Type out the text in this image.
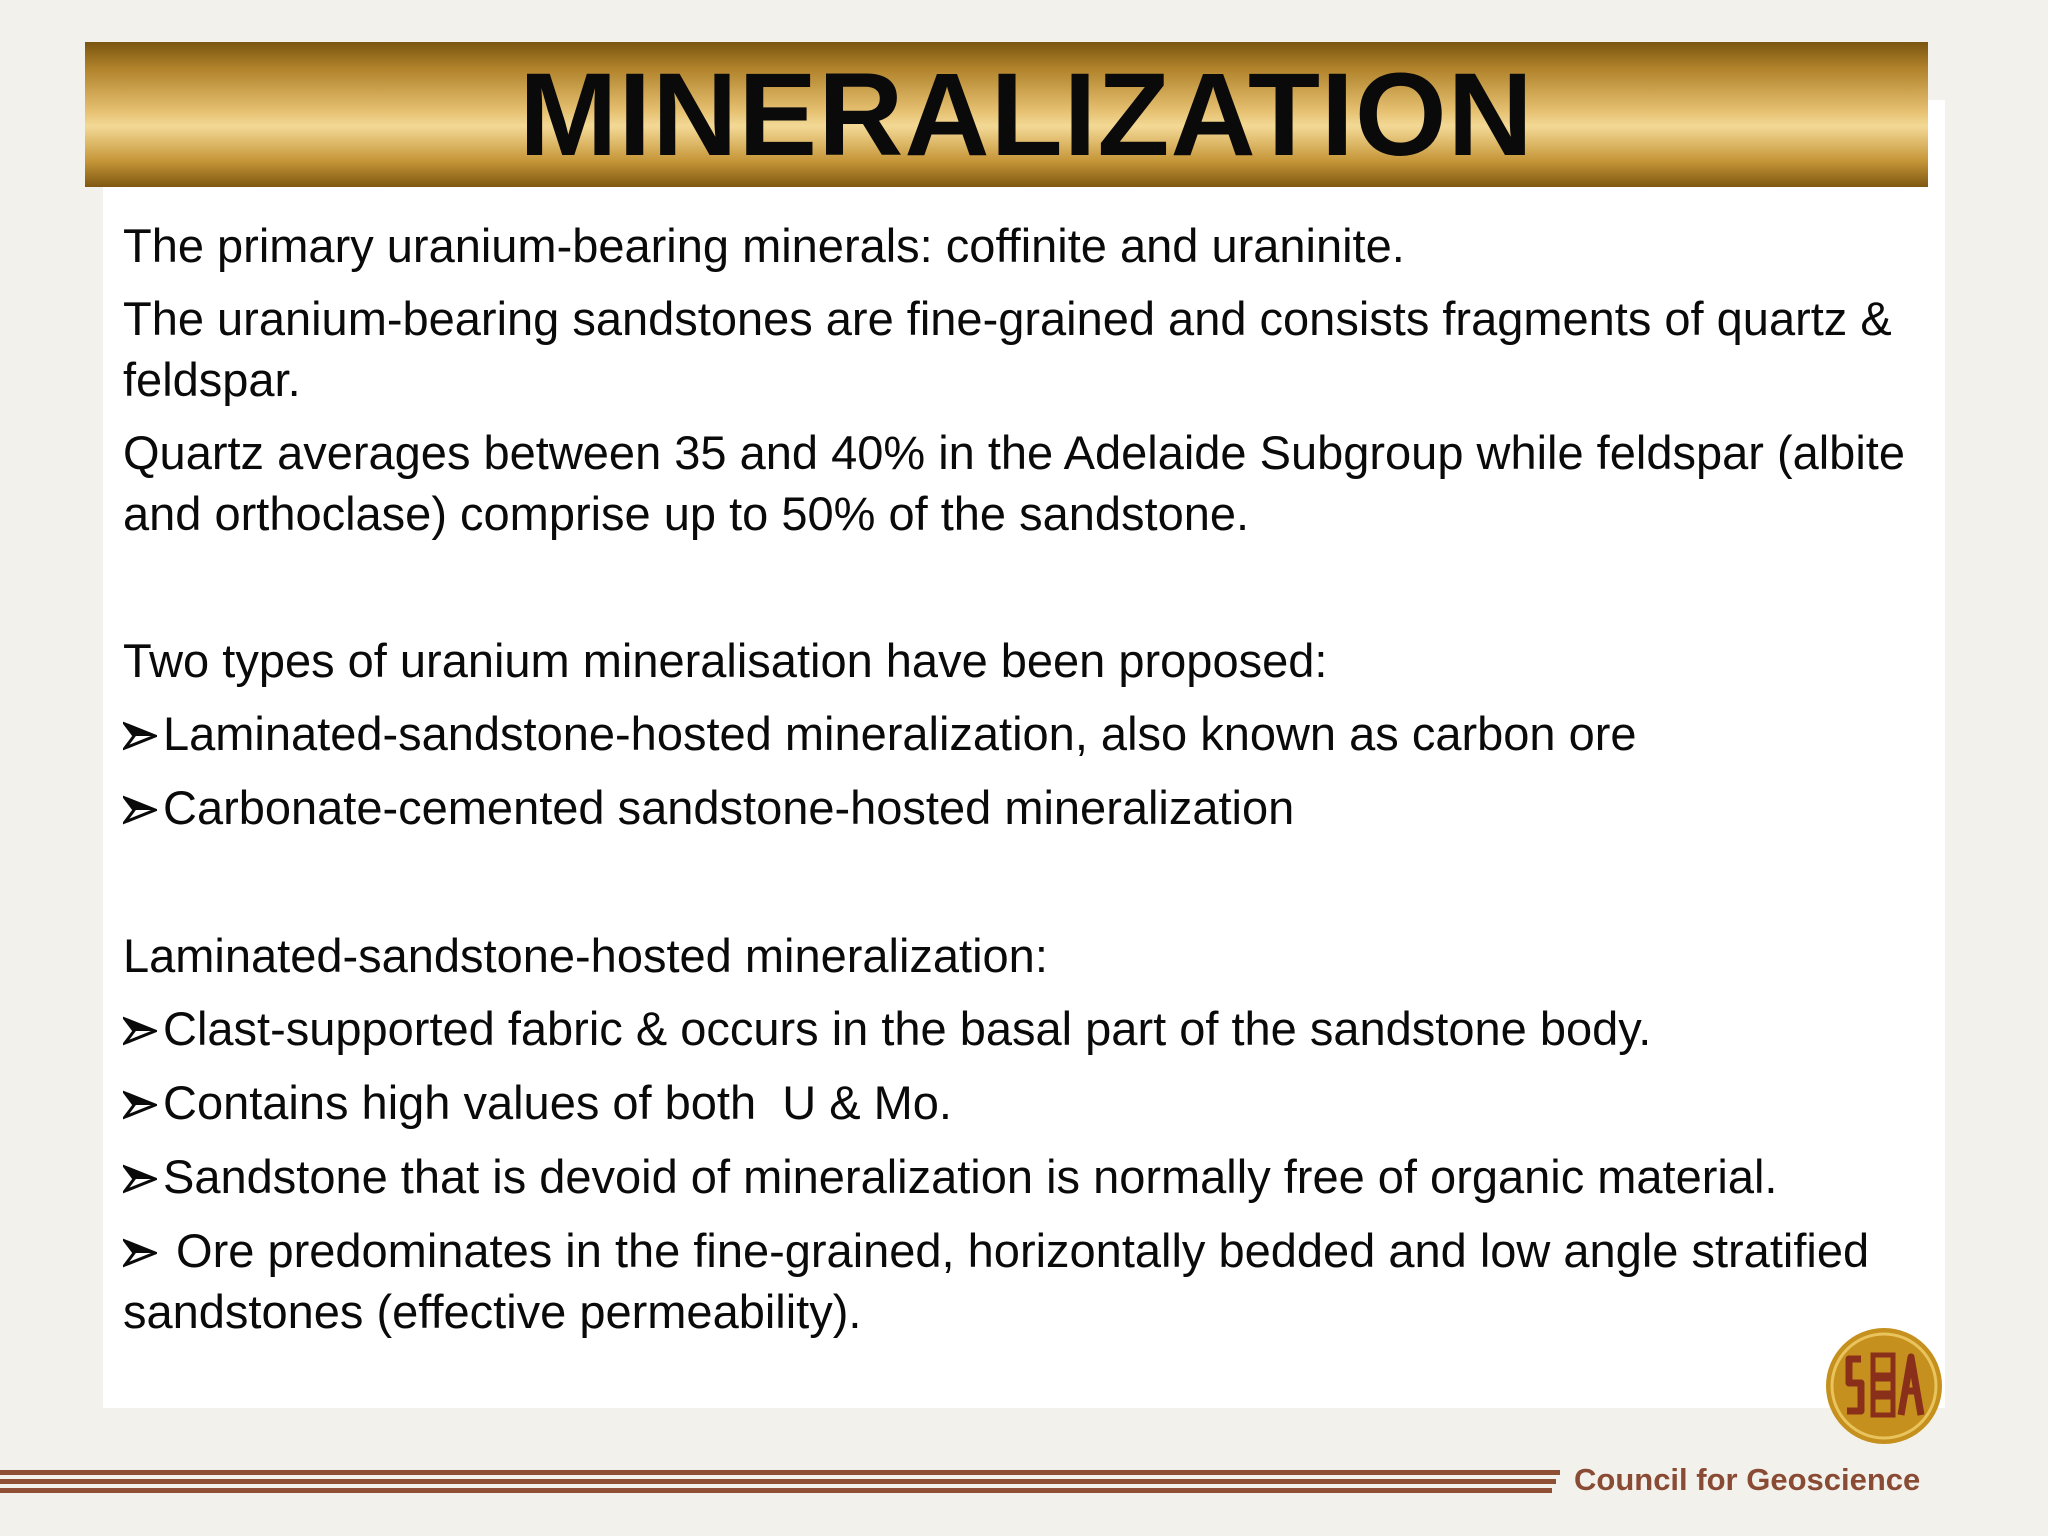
MINERALIZATION

The primary uranium-bearing minerals: coffinite and uraninite.

The uranium-bearing sandstones are fine-grained and consists fragments of quartz & feldspar.

Quartz averages between 35 and 40% in the Adelaide Subgroup while feldspar (albite and orthoclase) comprise up to 50% of the sandstone.

Two types of uranium mineralisation have been proposed:

Laminated-sandstone-hosted mineralization, also known as carbon ore
Carbonate-cemented sandstone-hosted mineralization

Laminated-sandstone-hosted mineralization:

Clast-supported fabric & occurs in the basal part of the sandstone body.
Contains high values of both  U & Mo.
Sandstone that is devoid of mineralization is normally free of organic material.
Ore predominates in the fine-grained, horizontally bedded and low angle stratified sandstones (effective permeability).
Council for Geoscience
